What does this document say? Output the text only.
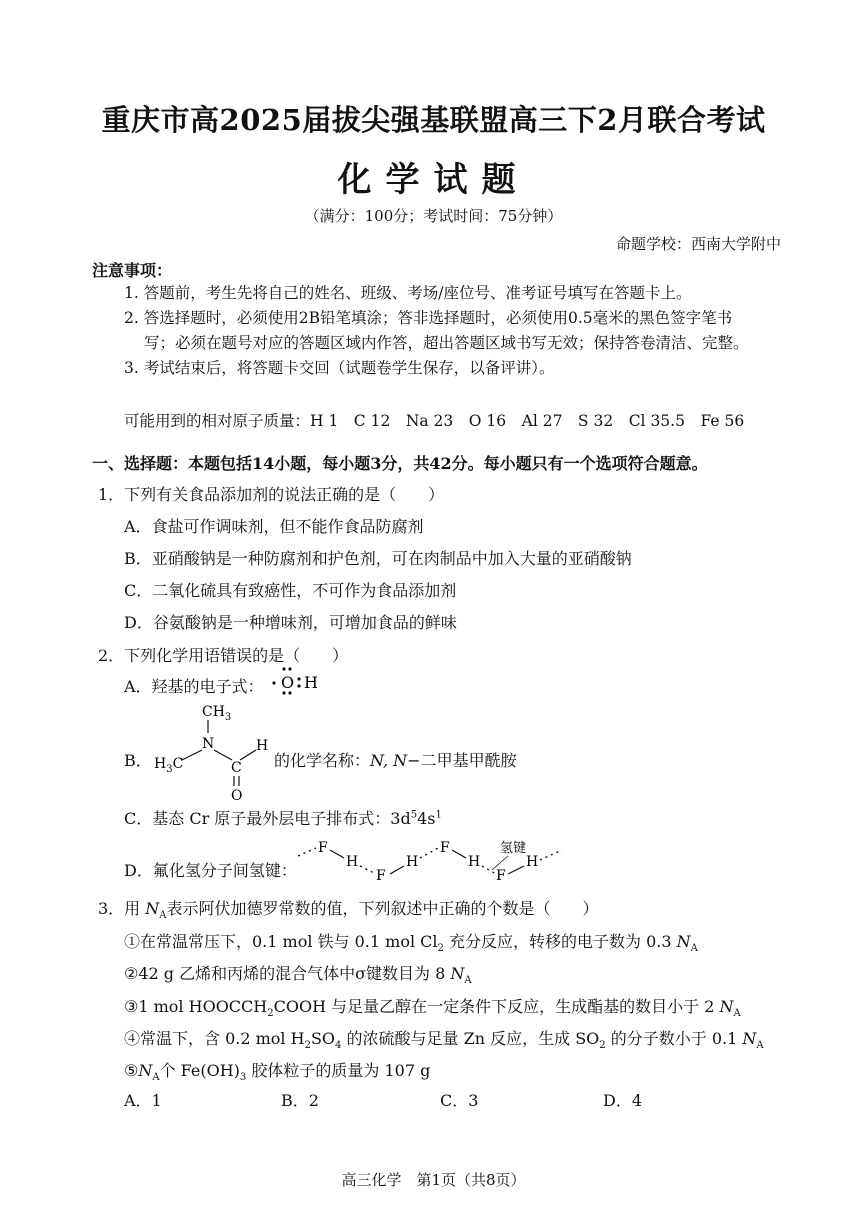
重庆市高2025届拔尖强基联盟高三下2月联合考试
化学试题
（满分：100分；考试时间：75分钟）
命题学校：西南大学附中
注意事项：
1. 答题前，考生先将自己的姓名、班级、考场/座位号、准考证号填写在答题卡上。
2. 答选择题时，必须使用2B铅笔填涂；答非选择题时，必须使用0.5毫米的黑色签字笔书
写；必须在题号对应的答题区域内作答，超出答题区域书写无效；保持答卷清洁、完整。
3. 考试结束后，将答题卡交回（试题卷学生保存，以备评讲）。
可能用到的相对原子质量：H 1　C 12　Na 23　O 16　Al 27　S 32　Cl 35.5　Fe 56
一、选择题：本题包括14小题，每小题3分，共42分。每小题只有一个选项符合题意。
1．下列有关食品添加剂的说法正确的是（　　）
A．食盐可作调味剂，但不能作食品防腐剂
B．亚硝酸钠是一种防腐剂和护色剂，可在肉制品中加入大量的亚硝酸钠
C．二氧化硫具有致癌性，不可作为食品添加剂
D．谷氨酸钠是一种增味剂，可增加食品的鲜味
2．下列化学用语错误的是（　　）
A．羟基的电子式： O H
B．
$CH_3$
N
$H_3C$	C
H
O
的化学名称：N, N−二甲基甲酰胺
C．基态 Cr 原子最外层电子排布式：$3d^54s^1$
D．氟化氢分子间氢键：
F
H
F
H
F
H
F
H
氢键
3．用 $N_A$表示阿伏加德罗常数的值，下列叙述中正确的个数是（　　）
①在常温常压下，0.1 mol 铁与 0.1 mol $Cl_2$ 充分反应，转移的电子数为 0.3 $N_A$
②42 g 乙烯和丙烯的混合气体中σ键数目为 8 $N_A$
③1 mol $HOOCCH_2COOH$ 与足量乙醇在一定条件下反应，生成酯基的数目小于 2 $N_A$
④常温下，含 0.2 mol $H_2SO_4$ 的浓硫酸与足量 Zn 反应，生成 $SO_2$ 的分子数小于 0.1 $N_A$
$⑤N_A$个 $Fe(OH)_3$ 胶体粒子的质量为 107 g
A．1	B．2	C．3	D．4
高三化学　第1页（共8页）
